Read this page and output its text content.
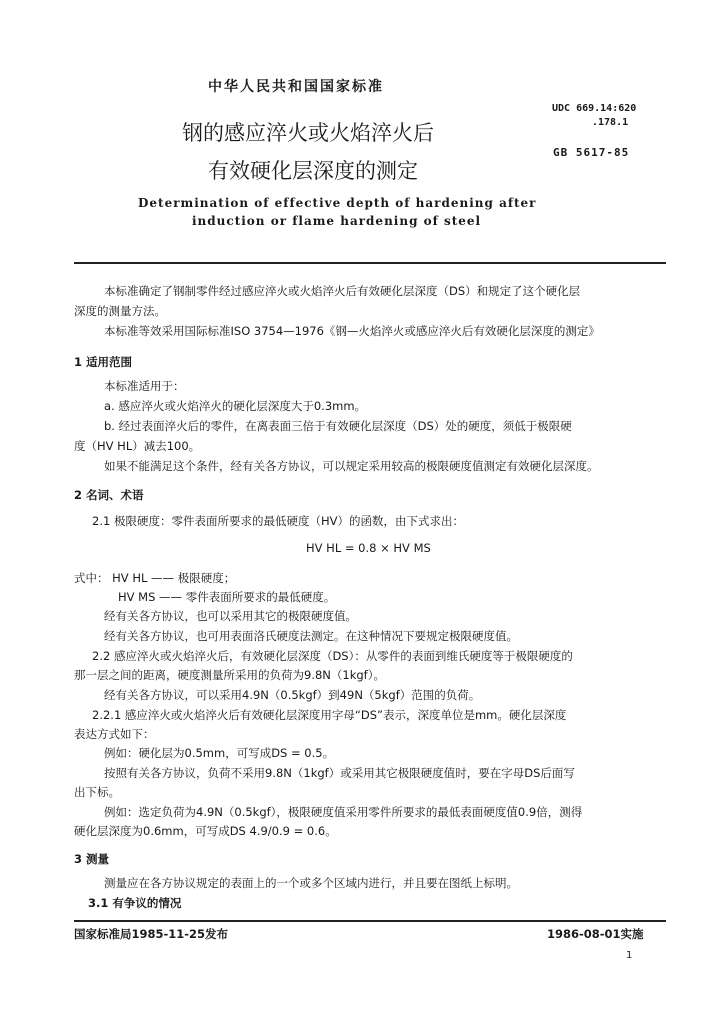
中华人民共和国国家标准
钢的感应淬火或火焰淬火后
有效硬化层深度的测定
UDC 669.14:620
.178.1
GB 5617-85
Determination of effective depth of hardening after
induction or flame hardening of steel
本标准确定了钢制零件经过感应淬火或火焰淬火后有效硬化层深度（DS）和规定了这个硬化层
深度的测量方法。
本标准等效采用国际标准ISO 3754—1976《钢—火焰淬火或感应淬火后有效硬化层深度的测定》
1 适用范围
本标准适用于：
a. 感应淬火或火焰淬火的硬化层深度大于0.3mm。
b. 经过表面淬火后的零件，在离表面三倍于有效硬化层深度（DS）处的硬度，须低于极限硬
度（HV HL）减去100。
如果不能满足这个条件，经有关各方协议，可以规定采用较高的极限硬度值测定有效硬化层深度。
2 名词、术语
2.1 极限硬度：零件表面所要求的最低硬度（HV）的函数，由下式求出：
HV HL = 0.8 × HV MS
式中： HV HL —— 极限硬度；
HV MS —— 零件表面所要求的最低硬度。
经有关各方协议，也可以采用其它的极限硬度值。
经有关各方协议，也可用表面洛氏硬度法测定。在这种情况下要规定极限硬度值。
2.2 感应淬火或火焰淬火后，有效硬化层深度（DS）：从零件的表面到维氏硬度等于极限硬度的
那一层之间的距离，硬度测量所采用的负荷为9.8N（1kgf）。
经有关各方协议，可以采用4.9N（0.5kgf）到49N（5kgf）范围的负荷。
2.2.1 感应淬火或火焰淬火后有效硬化层深度用字母“DS”表示，深度单位是mm。硬化层深度
表达方式如下：
例如：硬化层为0.5mm，可写成DS = 0.5。
按照有关各方协议，负荷不采用9.8N（1kgf）或采用其它极限硬度值时，要在字母DS后面写
出下标。
例如：选定负荷为4.9N（0.5kgf），极限硬度值采用零件所要求的最低表面硬度值0.9倍，测得
硬化层深度为0.6mm，可写成DS 4.9/0.9 = 0.6。
3 测量
测量应在各方协议规定的表面上的一个或多个区域内进行，并且要在图纸上标明。
3.1 有争议的情况
国家标准局1985-11-25发布	1986-08-01实施
1
